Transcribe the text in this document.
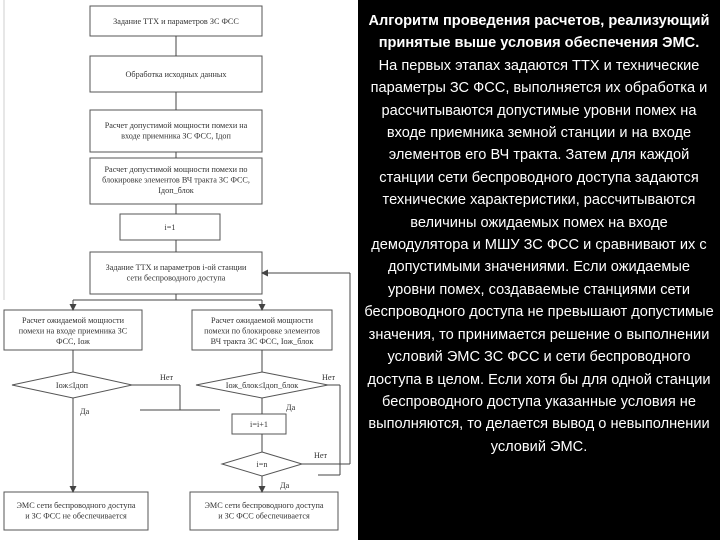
Нет	Нет
Нет
Да	Да
Да
Задание ТТХ и параметров ЗС ФСС
Обработка исходных данных
Расчет допустимой мощности помехи на входе приемника ЗС ФСС, Iдоп
Расчет допустимой мощности помехи по блокировке элементов ВЧ тракта ЗС ФСС, Iдоп_блок
i=1
Задание ТТХ и параметров i-ой станции сети беспроводного доступа
Расчет ожидаемой мощности помехи на входе приемника ЗС ФСС, Iож
Расчет ожидаемой мощности помехи по блокировке элементов ВЧ тракта ЗС ФСС, Iож_блок
Iож≤Iдоп	Iож_блок≤Iдоп_блок
i=i+1
i=n
ЭМС сети беспроводного доступа и ЗС ФСС не обеспечивается
ЭМС сети беспроводного доступа и ЗС ФСС обеспечивается
Алгоритм проведения расчетов, реализующий принятые выше условия обеспечения ЭМС.
На первых этапах задаются ТТХ и технические параметры ЗС ФСС, выполняется их обработка и рассчитываются допустимые уровни помех на входе приемника земной станции и на входе элементов его ВЧ тракта. Затем для каждой станции сети беспроводного доступа задаются технические характеристики, рассчитываются величины ожидаемых помех на входе демодулятора и МШУ ЗС ФСС и сравнивают их с допустимыми значениями. Если ожидаемые уровни помех, создаваемые станциями сети беспроводного доступа не превышают допустимые значения, то принимается решение о выполнении условий ЭМС ЗС ФСС и сети беспроводного доступа в целом. Если хотя бы для одной станции беспроводного доступа указанные условия не выполняются, то делается вывод о невыполнении условий ЭМС.
